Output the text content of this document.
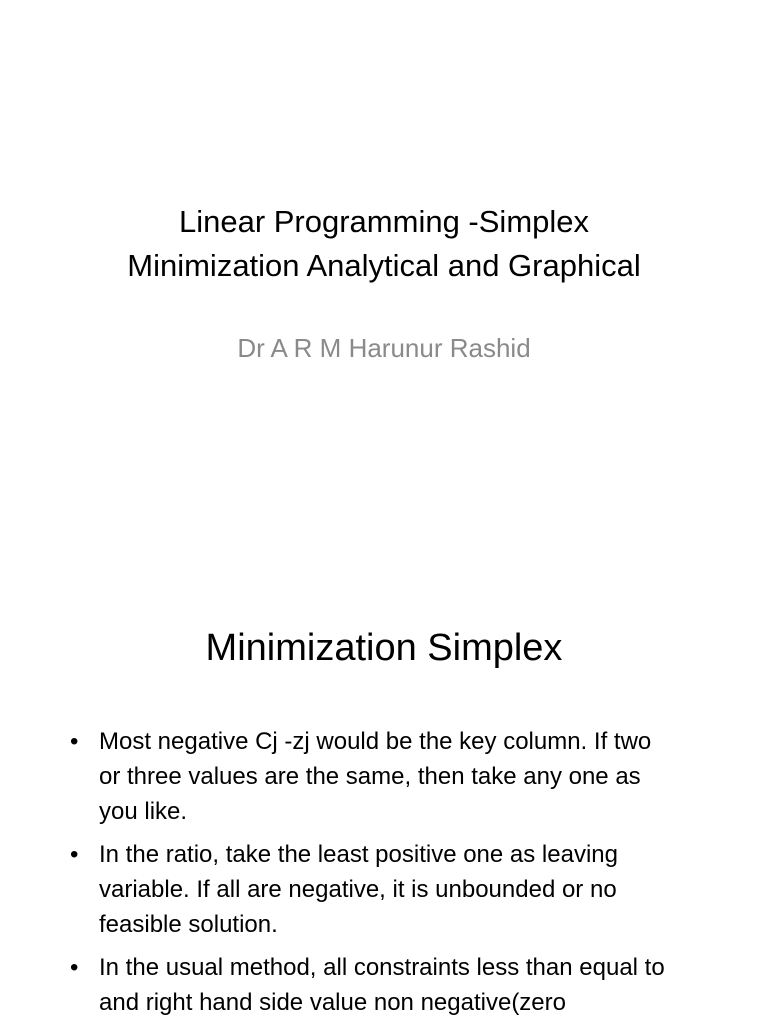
Linear Programming -Simplex
Minimization Analytical and Graphical
Dr A R M Harunur Rashid
Minimization Simplex
• Most negative Cj -zj would be the key column. If two
or three values are the same, then take any one as
you like.
• In the ratio, take the least positive one as leaving
variable. If all are negative, it is unbounded or no
feasible solution.
• In the usual method, all constraints less than equal to
and right hand side value non negative(zero
